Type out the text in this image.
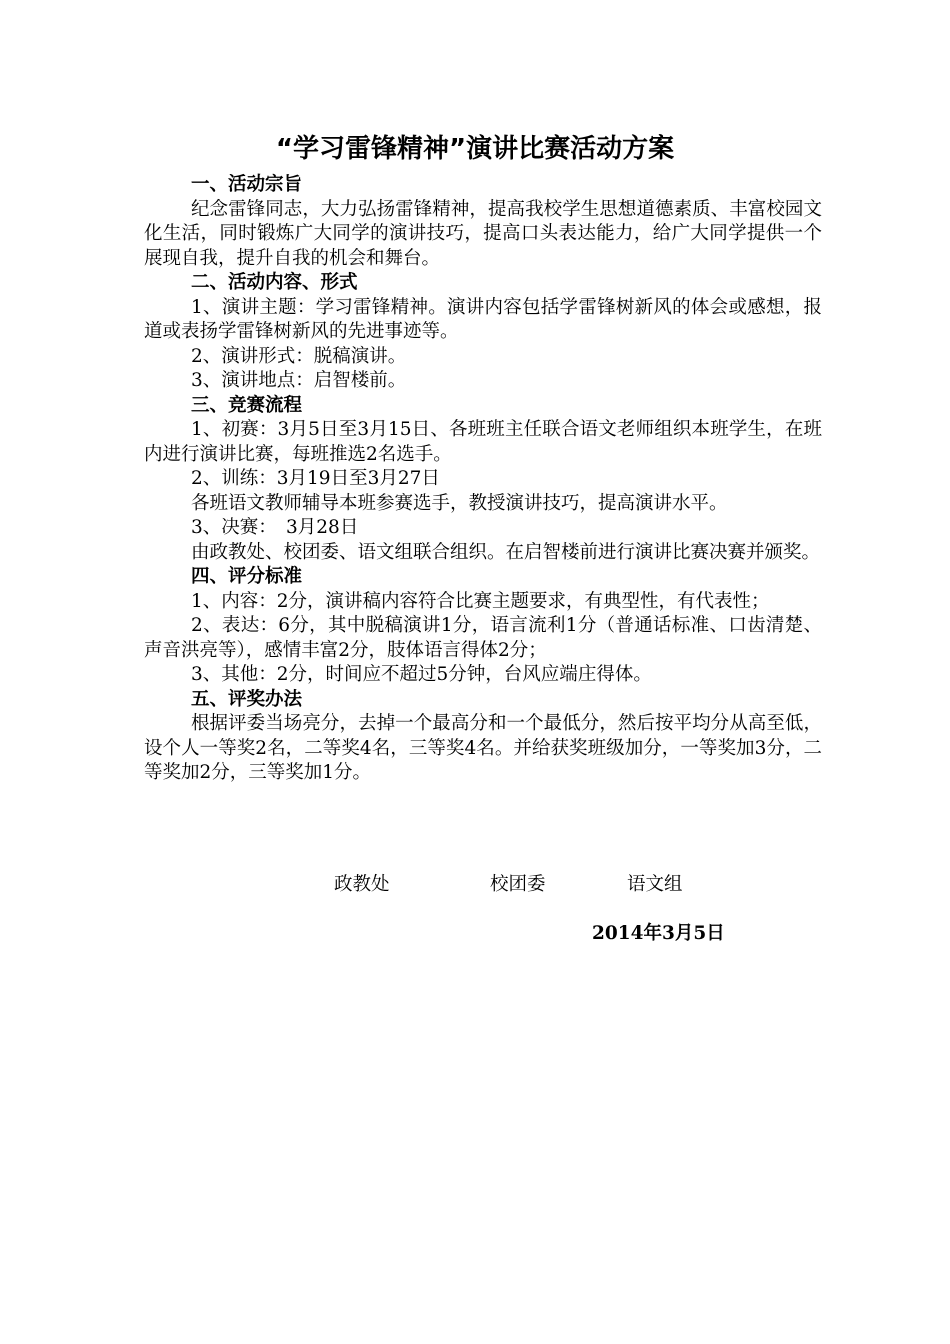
“学习雷锋精神”演讲比赛活动方案

一、活动宗旨

纪念雷锋同志，大力弘扬雷锋精神，提高我校学生思想道德素质、丰富校园文化生活，同时锻炼广大同学的演讲技巧，提高口头表达能力，给广大同学提供一个展现自我，提升自我的机会和舞台。

二、活动内容、形式

1、演讲主题：学习雷锋精神。演讲内容包括学雷锋树新风的体会或感想，报道或表扬学雷锋树新风的先进事迹等。

2、演讲形式：脱稿演讲。

3、演讲地点：启智楼前。

三、竞赛流程

1、初赛：3月5日至3月15日、各班班主任联合语文老师组织本班学生，在班内进行演讲比赛，每班推选2名选手。

2、训练：3月19日至3月27日

各班语文教师辅导本班参赛选手，教授演讲技巧，提高演讲水平。

3、决赛：　3月28日

由政教处、校团委、语文组联合组织。在启智楼前进行演讲比赛决赛并颁奖。

四、评分标准

1、内容：2分，演讲稿内容符合比赛主题要求，有典型性，有代表性；

2、表达：6分，其中脱稿演讲1分，语言流利1分（普通话标准、口齿清楚、声音洪亮等），感情丰富2分，肢体语言得体2分；

3、其他：2分，时间应不超过5分钟，台风应端庄得体。

五、评奖办法

根据评委当场亮分，去掉一个最高分和一个最低分，然后按平均分从高至低，设个人一等奖2名，二等奖4名，三等奖4名。并给获奖班级加分，一等奖加3分，二等奖加2分，三等奖加1分。

政教处	校团委	语文组
2014年3月5日
